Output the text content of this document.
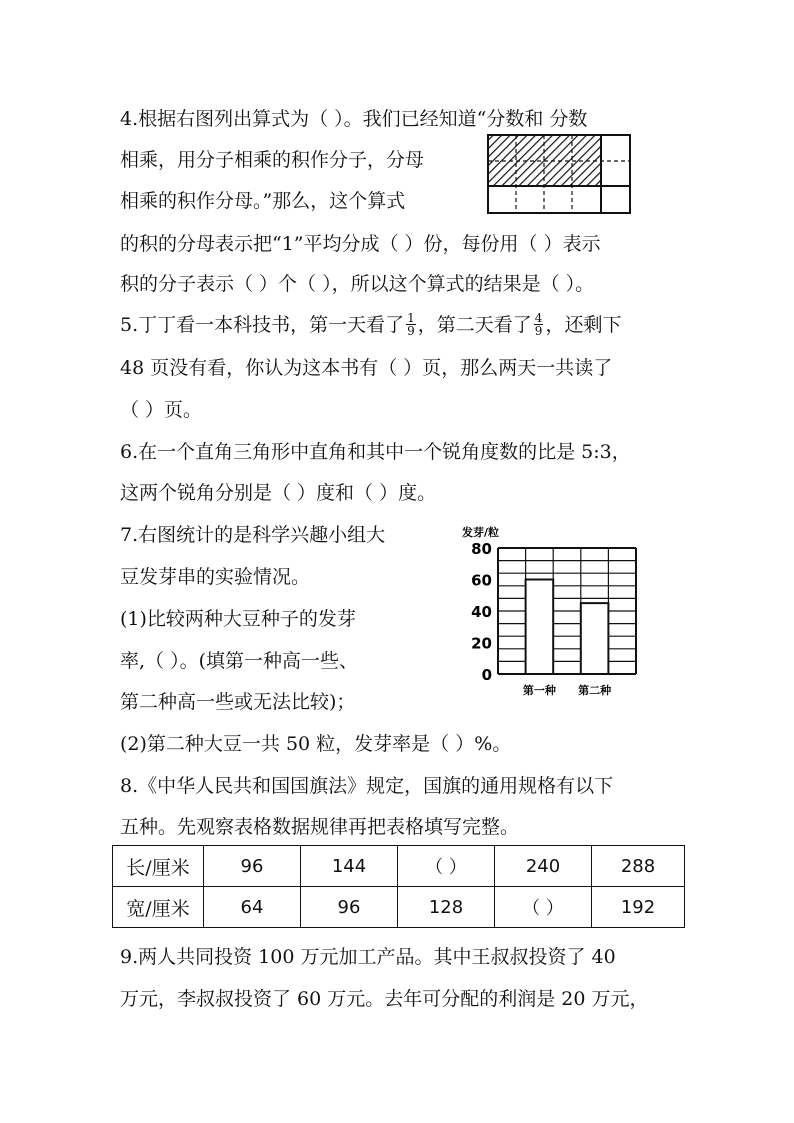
4.根据右图列出算式为（ ）。我们已经知道“分数和 分数
相乘，用分子相乘的积作分子，分母
相乘的积作分母。”那么，这个算式
的积的分母表示把“1”平均分成（ ）份，每份用（ ）表示
积的分子表示（ ）个（ ），所以这个算式的结果是（ ）。
5.丁丁看一本科技书，第一天看了 $\frac{1}{9}$ ，第二天看了 $\frac{4}{9}$ ，还剩下
48 页没有看，你认为这本书有（ ）页，那么两天一共读了
（ ）页。
6.在一个直角三角形中直角和其中一个锐角度数的比是 5:3，
这两个锐角分别是（ ）度和（ ）度。
7.右图统计的是科学兴趣小组大
豆发芽串的实验情况。
(1)比较两种大豆种子的发芽
率,（ ）。(填第一种高一些、
第二种高一些或无法比较)；
(2)第二种大豆一共 50 粒，发芽率是（ ）%。
发芽/粒
第一种 第二种
0
20
40
60
80
8.《中华人民共和国国旗法》规定，国旗的通用规格有以下
五种。先观察表格数据规律再把表格填写完整。
长/厘米	96	144	（ ）	240	288
宽/厘米	64	96	128	（ ）	192
9.两人共同投资 100 万元加工产品。其中王叔叔投资了 40
万元，李叔叔投资了 60 万元。去年可分配的利润是 20 万元，
